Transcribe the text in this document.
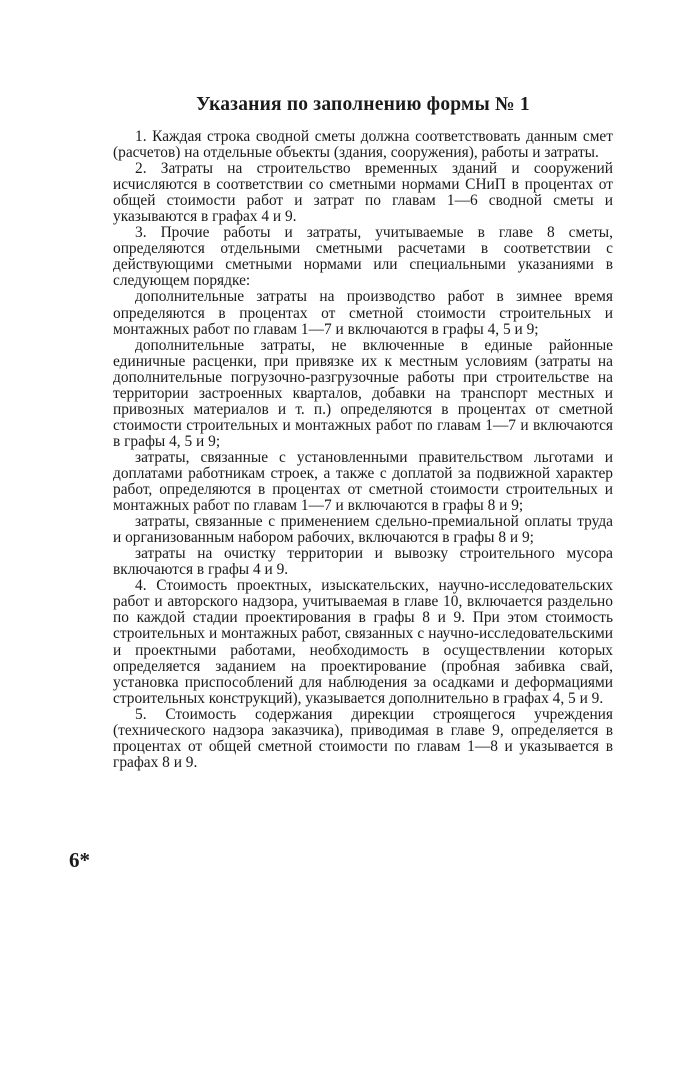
Указания по заполнению формы № 1

1. Каждая строка сводной сметы должна соответствовать данным смет (расчетов) на отдельные объекты (здания, сооружения), работы и затраты.

2. Затраты на строительство временных зданий и сооружений исчисляются в соответствии со сметными нормами СНиП в процентах от общей стоимости работ и затрат по главам 1—6 сводной сметы и указываются в графах 4 и 9.

3. Прочие работы и затраты, учитываемые в главе 8 сметы, определяются отдельными сметными расчетами в соответствии с действующими сметными нормами или специальными указаниями в следующем порядке:

дополнительные затраты на производство работ в зимнее время определяются в процентах от сметной стоимости строительных и монтажных работ по главам 1—7 и включаются в графы 4, 5 и 9;

дополнительные затраты, не включенные в единые районные единичные расценки, при привязке их к местным условиям (затраты на дополнительные погрузочно-разгрузочные работы при строительстве на территории застроенных кварталов, добавки на транспорт местных и привозных материалов и т. п.) определяются в процентах от сметной стоимости строительных и монтажных работ по главам 1—7 и включаются в графы 4, 5 и 9;

затраты, связанные с установленными правительством льготами и доплатами работникам строек, а также с доплатой за подвижной характер работ, определяются в процентах от сметной стоимости строительных и монтажных работ по главам 1—7 и включаются в графы 8 и 9;

затраты, связанные с применением сдельно-премиальной оплаты труда и организованным набором рабочих, включаются в графы 8 и 9;

затраты на очистку территории и вывозку строительного мусора включаются в графы 4 и 9.

4. Стоимость проектных, изыскательских, научно-исследовательских работ и авторского надзора, учитываемая в главе 10, включается раздельно по каждой стадии проектирования в графы 8 и 9. При этом стоимость строительных и монтажных работ, связанных с научно-исследовательскими и проектными работами, необходимость в осуществлении которых определяется заданием на проектирование (пробная забивка свай, установка приспособлений для наблюдения за осадками и деформациями строительных конструкций), указывается дополнительно в графах 4, 5 и 9.

5. Стоимость содержания дирекции строящегося учреждения (технического надзора заказчика), приводимая в главе 9, определяется в процентах от общей сметной стоимости по главам 1—8 и указывается в графах 8 и 9.

6*
